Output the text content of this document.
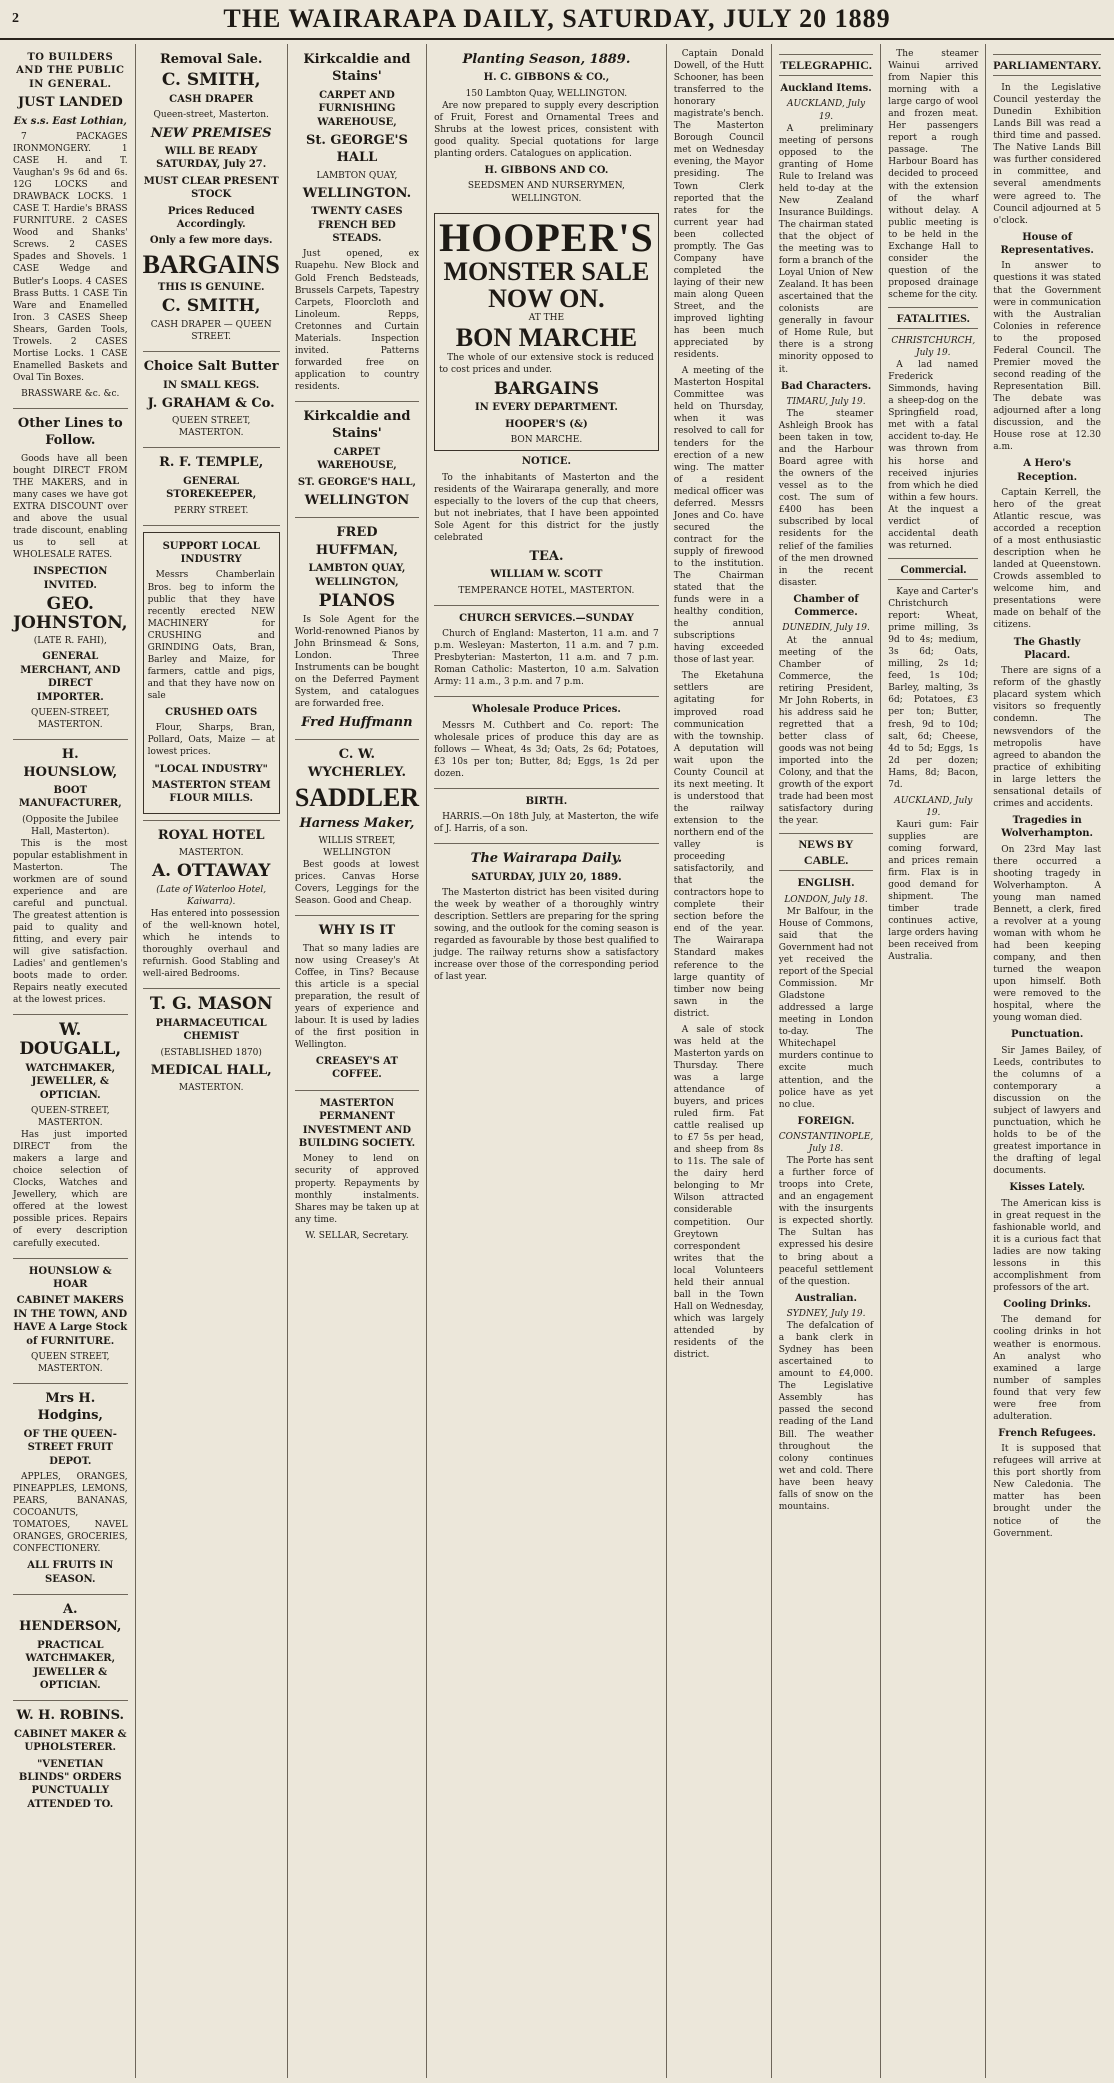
2	THE WAIRARAPA DAILY, SATURDAY, JULY 20 1889
TO BUILDERS AND THE PUBLIC IN GENERAL.
JUST LANDED
Ex s.s. East Lothian,

7 PACKAGES IRONMONGERY. 1 CASE H. and T. Vaughan's 9s 6d and 6s. 12G LOCKS and DRAWBACK LOCKS. 1 CASE T. Hardie's BRASS FURNITURE. 2 CASES Wood and Shanks' Screws. 2 CASES Spades and Shovels. 1 CASE Wedge and Butler's Loops. 4 CASES Brass Butts. 1 CASE Tin Ware and Enamelled Iron. 3 CASES Sheep Shears, Garden Tools, Trowels. 2 CASES Mortise Locks. 1 CASE Enamelled Baskets and Oval Tin Boxes.

BRASSWARE &c. &c.
Other Lines to Follow.

Goods have all been bought DIRECT FROM THE MAKERS, and in many cases we have got EXTRA DISCOUNT over and above the usual trade discount, enabling us to sell at WHOLESALE RATES.

INSPECTION INVITED.
GEO. JOHNSTON,
(LATE R. FAHI),
GENERAL MERCHANT, AND DIRECT IMPORTER.
QUEEN-STREET, MASTERTON.
H. HOUNSLOW,
BOOT MANUFACTURER,
(Opposite the Jubilee Hall, Masterton).

This is the most popular establishment in Masterton. The workmen are of sound experience and are careful and punctual. The greatest attention is paid to quality and fitting, and every pair will give satisfaction. Ladies' and gentlemen's boots made to order. Repairs neatly executed at the lowest prices.

W. DOUGALL,
WATCHMAKER, JEWELLER, & OPTICIAN.
QUEEN-STREET, MASTERTON.

Has just imported DIRECT from the makers a large and choice selection of Clocks, Watches and Jewellery, which are offered at the lowest possible prices. Repairs of every description carefully executed.

HOUNSLOW & HOAR
CABINET MAKERS IN THE TOWN, AND HAVE A Large Stock of FURNITURE.
QUEEN STREET, MASTERTON.
Mrs H. Hodgins,
OF THE QUEEN-STREET FRUIT DEPOT.

APPLES, ORANGES, PINEAPPLES, LEMONS, PEARS, BANANAS, COCOANUTS, TOMATOES, NAVEL ORANGES, GROCERIES, CONFECTIONERY.

ALL FRUITS IN SEASON.
A. HENDERSON,
PRACTICAL WATCHMAKER, JEWELLER & OPTICIAN.
W. H. ROBINS.
CABINET MAKER & UPHOLSTERER.
"VENETIAN BLINDS" ORDERS PUNCTUALLY ATTENDED TO.
Removal Sale.
C. SMITH,
CASH DRAPER
Queen-street, Masterton.
NEW PREMISES
WILL BE READY SATURDAY, July 27.
MUST CLEAR PRESENT STOCK
Prices Reduced Accordingly.
Only a few more days.
BARGAINS
THIS IS GENUINE.
C. SMITH,
CASH DRAPER — QUEEN STREET.
Choice Salt Butter
IN SMALL KEGS.
J. GRAHAM & Co.
QUEEN STREET, MASTERTON.
R. F. TEMPLE,
GENERAL STOREKEEPER,
PERRY STREET.
SUPPORT LOCAL INDUSTRY

Messrs Chamberlain Bros. beg to inform the public that they have recently erected NEW MACHINERY for CRUSHING and GRINDING Oats, Bran, Barley and Maize, for farmers, cattle and pigs, and that they have now on sale

CRUSHED OATS

Flour, Sharps, Bran, Pollard, Oats, Maize — at lowest prices.

"LOCAL INDUSTRY"
MASTERTON STEAM FLOUR MILLS.
ROYAL HOTEL
MASTERTON.
A. OTTAWAY
(Late of Waterloo Hotel, Kaiwarra).

Has entered into possession of the well-known hotel, which he intends to thoroughly overhaul and refurnish. Good Stabling and well-aired Bedrooms.

T. G. MASON
PHARMACEUTICAL CHEMIST
(ESTABLISHED 1870)
MEDICAL HALL,
MASTERTON.
Kirkcaldie and Stains'
CARPET AND FURNISHING WAREHOUSE,
St. GEORGE'S HALL
LAMBTON QUAY,
WELLINGTON.
TWENTY CASES FRENCH BED STEADS.

Just opened, ex Ruapehu. New Block and Gold French Bedsteads, Brussels Carpets, Tapestry Carpets, Floorcloth and Linoleum. Repps, Cretonnes and Curtain Materials. Inspection invited. Patterns forwarded free on application to country residents.

Kirkcaldie and Stains'
CARPET WAREHOUSE,
ST. GEORGE'S HALL,
WELLINGTON
FRED HUFFMAN,
LAMBTON QUAY, WELLINGTON,
PIANOS

Is Sole Agent for the World-renowned Pianos by John Brinsmead & Sons, London. Three Instruments can be bought on the Deferred Payment System, and catalogues are forwarded free.

Fred Huffmann
C. W. WYCHERLEY.
SADDLER
Harness Maker,
WILLIS STREET, WELLINGTON

Best goods at lowest prices. Canvas Horse Covers, Leggings for the Season. Good and Cheap.

WHY IS IT

That so many ladies are now using Creasey's At Coffee, in Tins? Because this article is a special preparation, the result of years of experience and labour. It is used by ladies of the first position in Wellington.

CREASEY'S AT COFFEE.
MASTERTON PERMANENT INVESTMENT AND BUILDING SOCIETY.

Money to lend on security of approved property. Repayments by monthly instalments. Shares may be taken up at any time.

W. SELLAR, Secretary.
Planting Season, 1889.
H. C. GIBBONS & CO.,
150 Lambton Quay, WELLINGTON.

Are now prepared to supply every description of Fruit, Forest and Ornamental Trees and Shrubs at the lowest prices, consistent with good quality. Special quotations for large planting orders. Catalogues on application.

H. GIBBONS AND CO.
SEEDSMEN AND NURSERYMEN,
WELLINGTON.
HOOPER'S
MONSTER SALE
NOW ON.
AT THE
BON MARCHE

The whole of our extensive stock is reduced to cost prices and under.

BARGAINS
IN EVERY DEPARTMENT.
HOOPER'S (&)
BON MARCHE.
NOTICE.

To the inhabitants of Masterton and the residents of the Wairarapa generally, and more especially to the lovers of the cup that cheers, but not inebriates, that I have been appointed Sole Agent for this district for the justly celebrated

TEA.
WILLIAM W. SCOTT
TEMPERANCE HOTEL, MASTERTON.
CHURCH SERVICES.—SUNDAY

Church of England: Masterton, 11 a.m. and 7 p.m. Wesleyan: Masterton, 11 a.m. and 7 p.m. Presbyterian: Masterton, 11 a.m. and 7 p.m. Roman Catholic: Masterton, 10 a.m. Salvation Army: 11 a.m., 3 p.m. and 7 p.m.

Wholesale Produce Prices.

Messrs M. Cuthbert and Co. report: The wholesale prices of produce this day are as follows — Wheat, 4s 3d; Oats, 2s 6d; Potatoes, £3 10s per ton; Butter, 8d; Eggs, 1s 2d per dozen.

BIRTH.

HARRIS.—On 18th July, at Masterton, the wife of J. Harris, of a son.

The Wairarapa Daily.
SATURDAY, JULY 20, 1889.

The Masterton district has been visited during the week by weather of a thoroughly wintry description. Settlers are preparing for the spring sowing, and the outlook for the coming season is regarded as favourable by those best qualified to judge. The railway returns show a satisfactory increase over those of the corresponding period of last year.

Captain Donald Dowell, of the Hutt Schooner, has been transferred to the honorary magistrate's bench. The Masterton Borough Council met on Wednesday evening, the Mayor presiding. The Town Clerk reported that the rates for the current year had been collected promptly. The Gas Company have completed the laying of their new main along Queen Street, and the improved lighting has been much appreciated by residents.

A meeting of the Masterton Hospital Committee was held on Thursday, when it was resolved to call for tenders for the erection of a new wing. The matter of a resident medical officer was deferred. Messrs Jones and Co. have secured the contract for the supply of firewood to the institution. The Chairman stated that the funds were in a healthy condition, the annual subscriptions having exceeded those of last year.

The Eketahuna settlers are agitating for improved road communication with the township. A deputation will wait upon the County Council at its next meeting. It is understood that the railway extension to the northern end of the valley is proceeding satisfactorily, and that the contractors hope to complete their section before the end of the year. The Wairarapa Standard makes reference to the large quantity of timber now being sawn in the district.

A sale of stock was held at the Masterton yards on Thursday. There was a large attendance of buyers, and prices ruled firm. Fat cattle realised up to £7 5s per head, and sheep from 8s to 11s. The sale of the dairy herd belonging to Mr Wilson attracted considerable competition. Our Greytown correspondent writes that the local Volunteers held their annual ball in the Town Hall on Wednesday, which was largely attended by residents of the district.

TELEGRAPHIC.
Auckland Items.
AUCKLAND, July 19.

A preliminary meeting of persons opposed to the granting of Home Rule to Ireland was held to-day at the New Zealand Insurance Buildings. The chairman stated that the object of the meeting was to form a branch of the Loyal Union of New Zealand. It has been ascertained that the colonists are generally in favour of Home Rule, but there is a strong minority opposed to it.

Bad Characters.
TIMARU, July 19.

The steamer Ashleigh Brook has been taken in tow, and the Harbour Board agree with the owners of the vessel as to the cost. The sum of £400 has been subscribed by local residents for the relief of the families of the men drowned in the recent disaster.

Chamber of Commerce.
DUNEDIN, July 19.

At the annual meeting of the Chamber of Commerce, the retiring President, Mr John Roberts, in his address said he regretted that a better class of goods was not being imported into the Colony, and that the growth of the export trade had been most satisfactory during the year.

NEWS BY CABLE.
ENGLISH.
LONDON, July 18.

Mr Balfour, in the House of Commons, said that the Government had not yet received the report of the Special Commission. Mr Gladstone addressed a large meeting in London to-day. The Whitechapel murders continue to excite much attention, and the police have as yet no clue.

FOREIGN.
CONSTANTINOPLE, July 18.

The Porte has sent a further force of troops into Crete, and an engagement with the insurgents is expected shortly. The Sultan has expressed his desire to bring about a peaceful settlement of the question.

Australian.
SYDNEY, July 19.

The defalcation of a bank clerk in Sydney has been ascertained to amount to £4,000. The Legislative Assembly has passed the second reading of the Land Bill. The weather throughout the colony continues wet and cold. There have been heavy falls of snow on the mountains.

The steamer Wainui arrived from Napier this morning with a large cargo of wool and frozen meat. Her passengers report a rough passage. The Harbour Board has decided to proceed with the extension of the wharf without delay. A public meeting is to be held in the Exchange Hall to consider the question of the proposed drainage scheme for the city.

FATALITIES.
CHRISTCHURCH, July 19.

A lad named Frederick Simmonds, having a sheep-dog on the Springfield road, met with a fatal accident to-day. He was thrown from his horse and received injuries from which he died within a few hours. At the inquest a verdict of accidental death was returned.

Commercial.

Kaye and Carter's Christchurch report: Wheat, prime milling, 3s 9d to 4s; medium, 3s 6d; Oats, milling, 2s 1d; feed, 1s 10d; Barley, malting, 3s 6d; Potatoes, £3 per ton; Butter, fresh, 9d to 10d; salt, 6d; Cheese, 4d to 5d; Eggs, 1s 2d per dozen; Hams, 8d; Bacon, 7d.

AUCKLAND, July 19.

Kauri gum: Fair supplies are coming forward, and prices remain firm. Flax is in good demand for shipment. The timber trade continues active, large orders having been received from Australia.

PARLIAMENTARY.

In the Legislative Council yesterday the Dunedin Exhibition Lands Bill was read a third time and passed. The Native Lands Bill was further considered in committee, and several amendments were agreed to. The Council adjourned at 5 o'clock.

House of Representatives.

In answer to questions it was stated that the Government were in communication with the Australian Colonies in reference to the proposed Federal Council. The Premier moved the second reading of the Representation Bill. The debate was adjourned after a long discussion, and the House rose at 12.30 a.m.

A Hero's Reception.

Captain Kerrell, the hero of the great Atlantic rescue, was accorded a reception of a most enthusiastic description when he landed at Queenstown. Crowds assembled to welcome him, and presentations were made on behalf of the citizens.

The Ghastly Placard.

There are signs of a reform of the ghastly placard system which visitors so frequently condemn. The newsvendors of the metropolis have agreed to abandon the practice of exhibiting in large letters the sensational details of crimes and accidents.

Tragedies in Wolverhampton.

On 23rd May last there occurred a shooting tragedy in Wolverhampton. A young man named Bennett, a clerk, fired a revolver at a young woman with whom he had been keeping company, and then turned the weapon upon himself. Both were removed to the hospital, where the young woman died.

Punctuation.

Sir James Bailey, of Leeds, contributes to the columns of a contemporary a discussion on the subject of lawyers and punctuation, which he holds to be of the greatest importance in the drafting of legal documents.

Kisses Lately.

The American kiss is in great request in the fashionable world, and it is a curious fact that ladies are now taking lessons in this accomplishment from professors of the art.

Cooling Drinks.

The demand for cooling drinks in hot weather is enormous. An analyst who examined a large number of samples found that very few were free from adulteration.

French Refugees.

It is supposed that refugees will arrive at this port shortly from New Caledonia. The matter has been brought under the notice of the Government.
